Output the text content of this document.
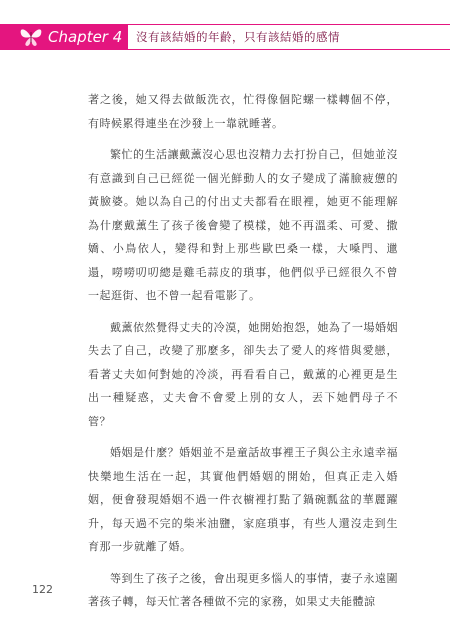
Chapter 4 沒有該結婚的年齡，只有該結婚的感情

著之後，她又得去做飯洗衣，忙得像個陀螺一樣轉個不停，有時候累得連坐在沙發上一靠就睡著。

繁忙的生活讓戴薰沒心思也沒精力去打扮自己，但她並沒有意識到自己已經從一個光鮮動人的女子變成了滿臉疲憊的黃臉婆。她以為自己的付出丈夫都看在眼裡，她更不能理解為什麼戴薰生了孩子後會變了模樣，她不再溫柔、可愛、撒嬌、小鳥依人，變得和對上那些歐巴桑一樣，大嗓門、邋遢，嘮嘮叨叨總是雞毛蒜皮的瑣事，他們似乎已經很久不曾一起逛街、也不曾一起看電影了。

戴薰依然覺得丈夫的冷漠，她開始抱怨，她為了一場婚姻失去了自己，改變了那麼多，卻失去了愛人的疼惜與愛戀，看著丈夫如何對她的冷淡，再看看自己，戴薰的心裡更是生出一種疑惑，丈夫會不會愛上別的女人，丟下她們母子不管？

婚姻是什麼？婚姻並不是童話故事裡王子與公主永遠幸福快樂地生活在一起，其實他們婚姻的開始，但真正走入婚姻，便會發現婚姻不過一件衣櫥裡打點了鍋碗瓢盆的華麗躍升，每天過不完的柴米油鹽，家庭瑣事，有些人還沒走到生育那一步就離了婚。

等到生了孩子之後，會出現更多惱人的事情，妻子永遠圍著孩子轉，每天忙著各種做不完的家務，如果丈夫能體諒

122
